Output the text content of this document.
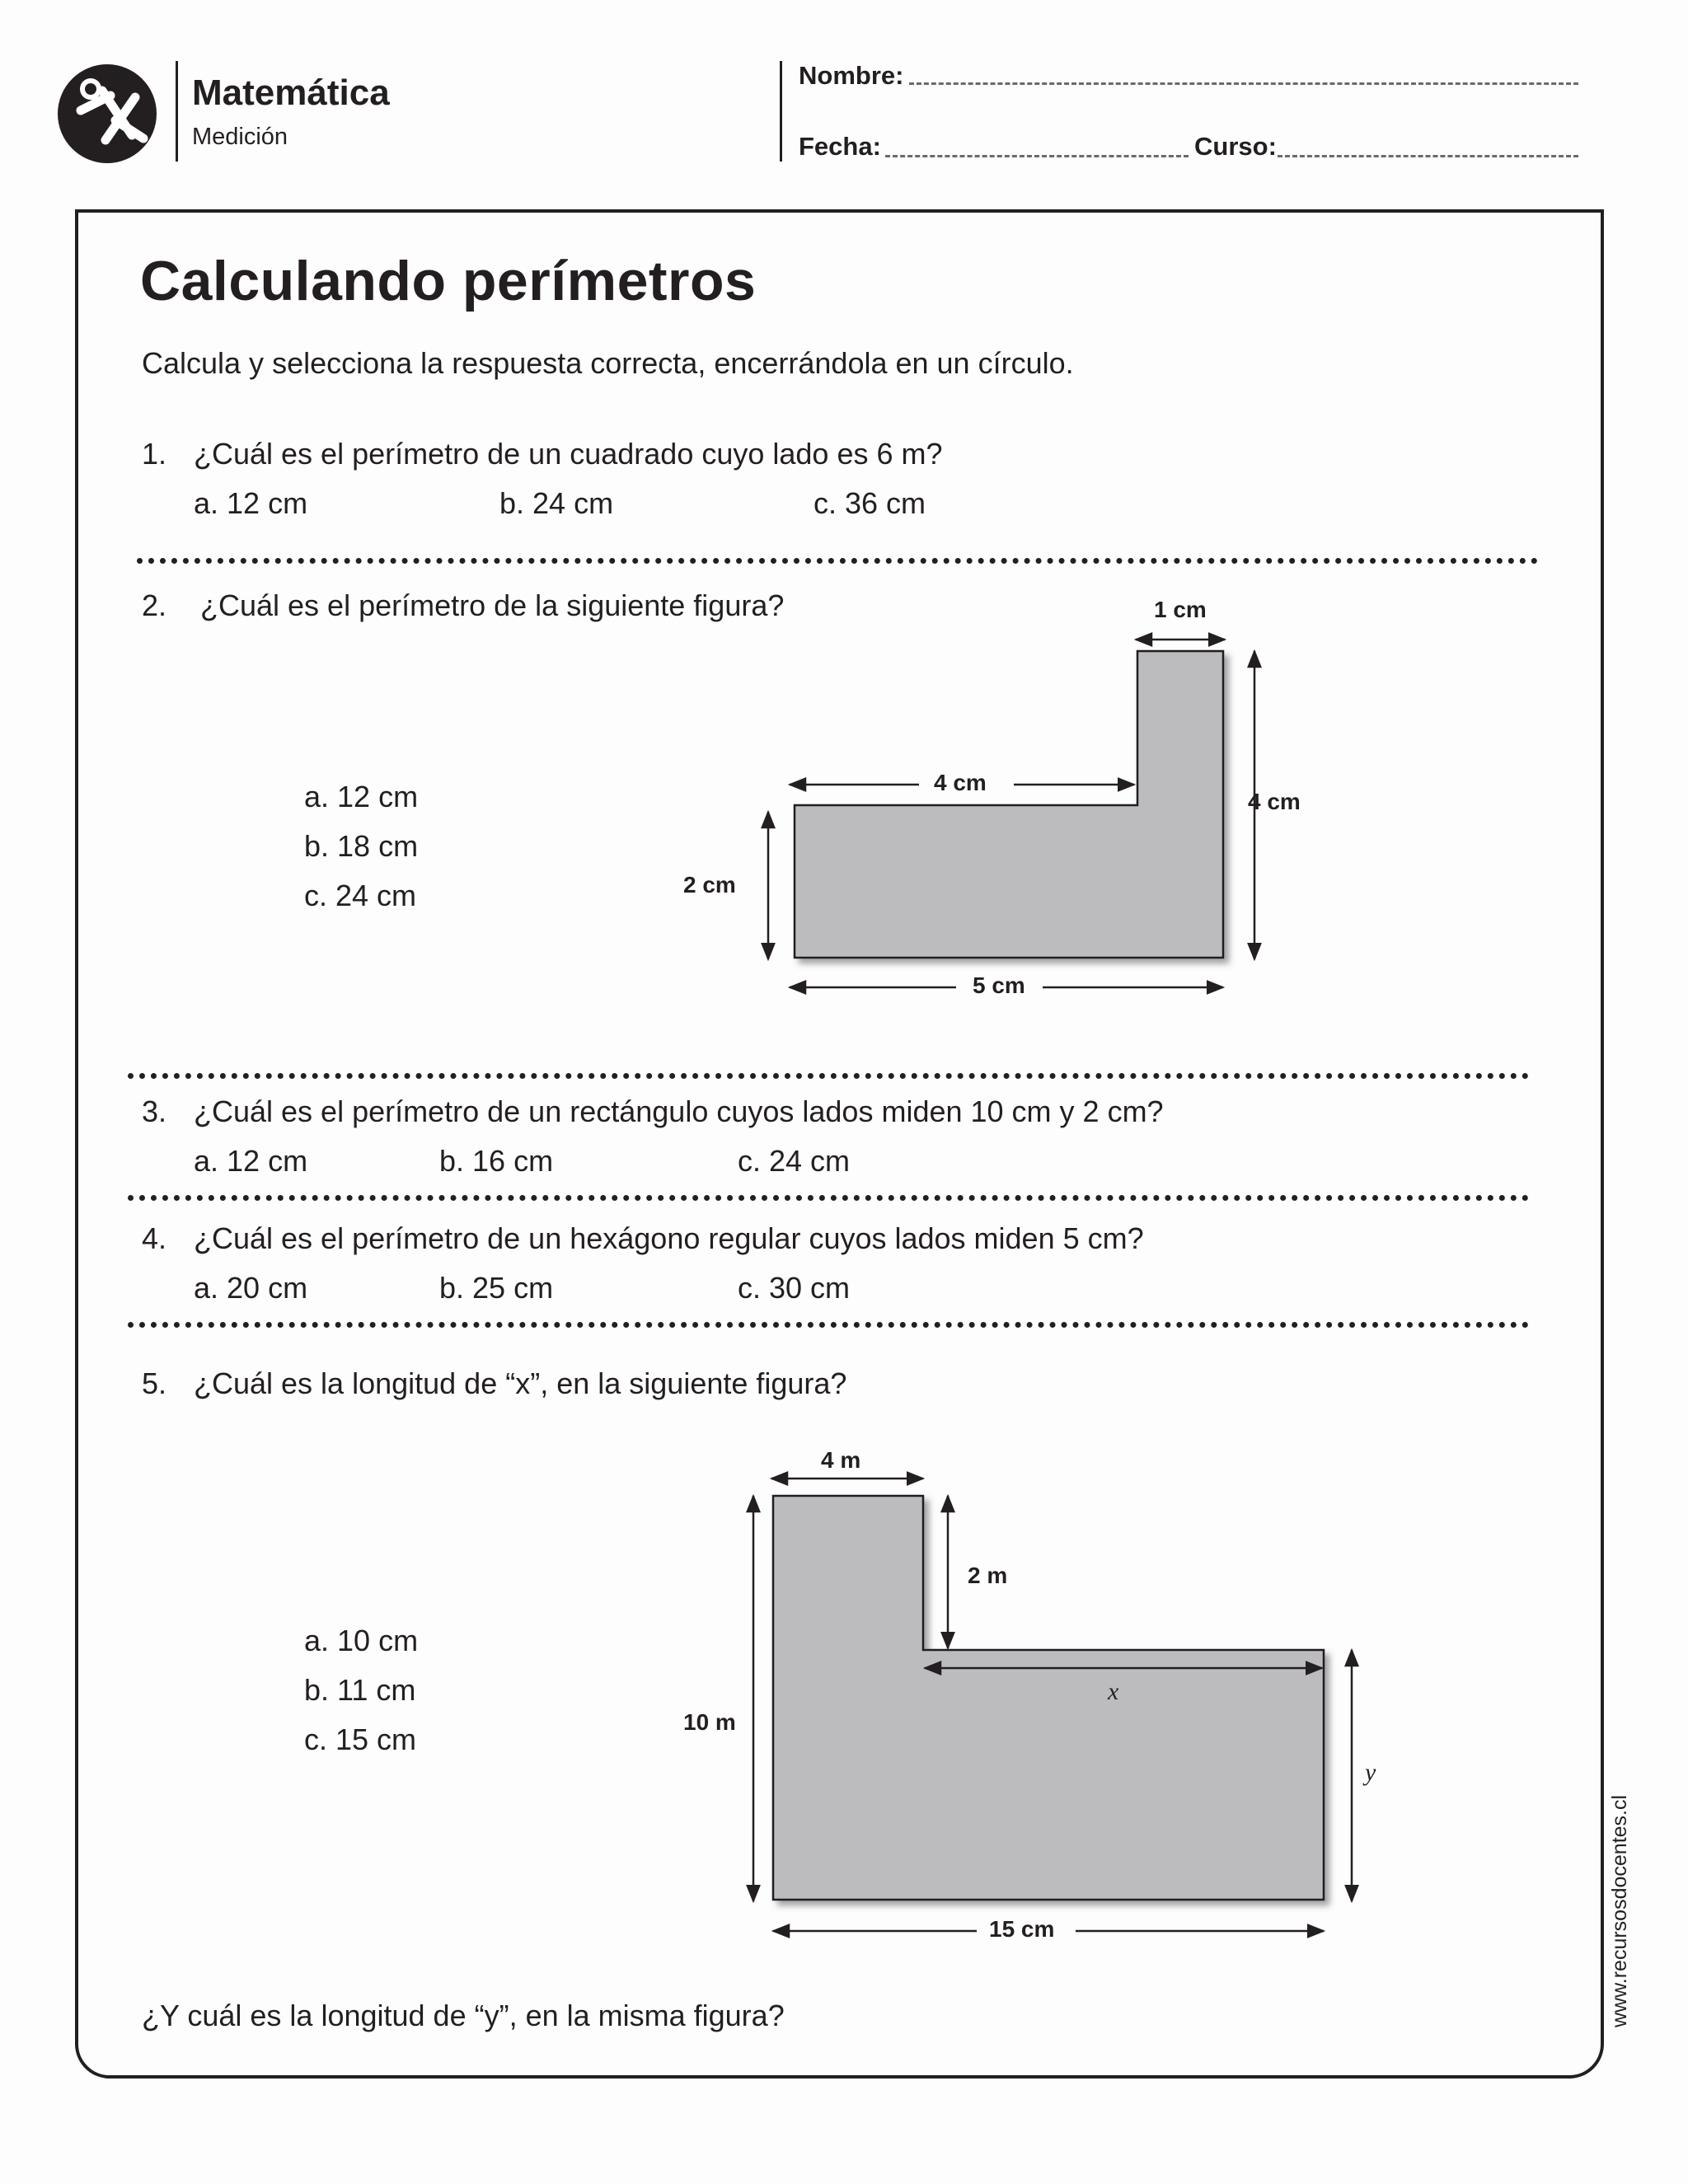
Matemática
Medición
Nombre:
Fecha:	Curso:
Calculando perímetros
Calcula y selecciona la respuesta correcta, encerrándola en un círculo.
1. ¿Cuál es el perímetro de un cuadrado cuyo lado es 6 m?
a. 12 cm	b. 24 cm	c. 36 cm
2. ¿Cuál es el perímetro de la siguiente figura?
a. 12 cm
b. 18 cm
c. 24 cm
1 cm
4 cm
4 cm
2 cm
5 cm
3. ¿Cuál es el perímetro de un rectángulo cuyos lados miden 10 cm y 2 cm?
a. 12 cm	b. 16 cm	c. 24 cm
4. ¿Cuál es el perímetro de un hexágono regular cuyos lados miden 5 cm?
a. 20 cm	b. 25 cm	c. 30 cm
5. ¿Cuál es la longitud de “x”, en la siguiente figura?
a. 10 cm
b. 11 cm
c. 15 cm
4 m
2 m
10 m
x
y
15 cm
¿Y cuál es la longitud de “y”, en la misma figura?	www.recursosdocentes.cl
